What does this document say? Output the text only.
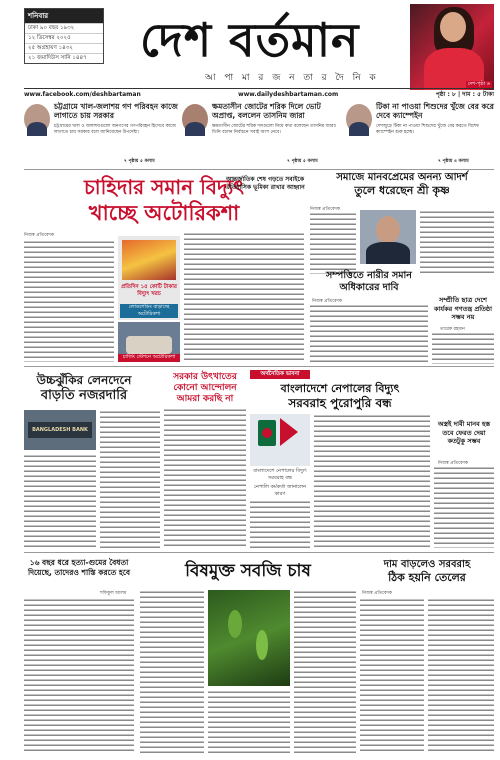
শনিবার
ঢাকা ৯০ বছর ১৯৩২
১২ ডিসেম্বর ২০২৫
২৫ অগ্রহায়ণ ১৪৩২
২১ জমাদিউস সানি ১৪৪৭	দেশ বর্তমান
আ পা মা র জ ন তা র দৈ নি ক
দেশ-পৃষ্ঠা ৬
www.facebook.com/deshbartaman	www.dailydeshbartaman.com	পৃষ্ঠা : ৮ | দাম : ৫ টাকা
চট্টগ্রামে খাল-জলাশয় গণ পরিবহন কাজে লাগাতে চায় সরকার
চট্টগ্রামের খাল ও জলাশয়গুলো জনগণের গণপরিবহন হিসেবে কাজে লাগাতে চায় সরকার বলে জানিয়েছেন উপদেষ্টা।
৭ পৃষ্ঠায় ৫ কলাম
ক্ষমতাসীন জোটের শরিক দিলে ভোট অপ্রাপ্ত, বললেন তাসনিম জারা
ক্ষমতাসীন জোটের শরিক দলগুলো নিয়ে কথা বলেছেন তাসনিম জারা। তিনি বলেন নির্বাচনে সবাই অংশ নেবে।
৭ পৃষ্ঠায় ৫ কলাম
টিকা না পাওয়া শিশুদের খুঁজে বের করে দেবে ক্যাম্পেইন
দেশজুড়ে টিকা না পাওয়া শিশুদের খুঁজে বের করতে বিশেষ ক্যাম্পেইন শুরু হচ্ছে।
৭ পৃষ্ঠায় ৪ কলাম
চাহিদার সমান বিদ্যুৎ
খাচ্ছে অটোরিকশা
নিজস্ব প্রতিবেদক
প্রতিদিন ১৫ কোটি টাকার বিদ্যুৎ খরচ
লোডশেডিং বাড়াচ্ছে অটোরিকশা
চার্জিং স্টেশনে অটোরিকশা
সমাজে মানবপ্রেমের অনন্য আদর্শ
তুলে ধরেছেন শ্রী কৃষ্ণ
নিজস্ব প্রতিবেদক
আন্তর্জাতিক শেষ গড়তে সবাইকে ঐতিহাসিক ভূমিকা রাখার আহ্বান
সম্পত্তিতে নারীর সমান অধিকারের দাবি
নিজস্ব প্রতিবেদক	সম্প্রীতি ছাত্র দেশে কার্যকর গণতন্ত্র প্রতিষ্ঠা সম্ভব নয়
তারেক রহমান
উচ্চঝুঁকির লেনদেনে
বাড়তি নজরদারি
BANGLADESH BANK
সরকার উৎখাতের কোনো আন্দোলন আমরা করছি না
অর্থনৈতিক ভাবনা
বাংলাদেশে নেপালের বিদ্যুৎ
সরবরাহ পুরোপুরি বন্ধ
বাংলাদেশে নেপালের বিদ্যুৎ সরবরাহ বন্ধ
নেপালি কর্মকর্তা জানালেন কারণ
অস্ত্রই দাবী মানব হস্ত তবে ফেরত দেয়া কতটুকু সম্ভব
নিজস্ব প্রতিবেদক
১৬ বছর ধরে হত্যা-গুমের বৈধতা দিয়েছে, তাদেরও শাস্তি করতে হবে
শফিকুল আলম
বিষমুক্ত সবজি চাষ	দাম বাড়লেও সরবরাহ
ঠিক হয়নি তেলের
নিজস্ব প্রতিবেদক
